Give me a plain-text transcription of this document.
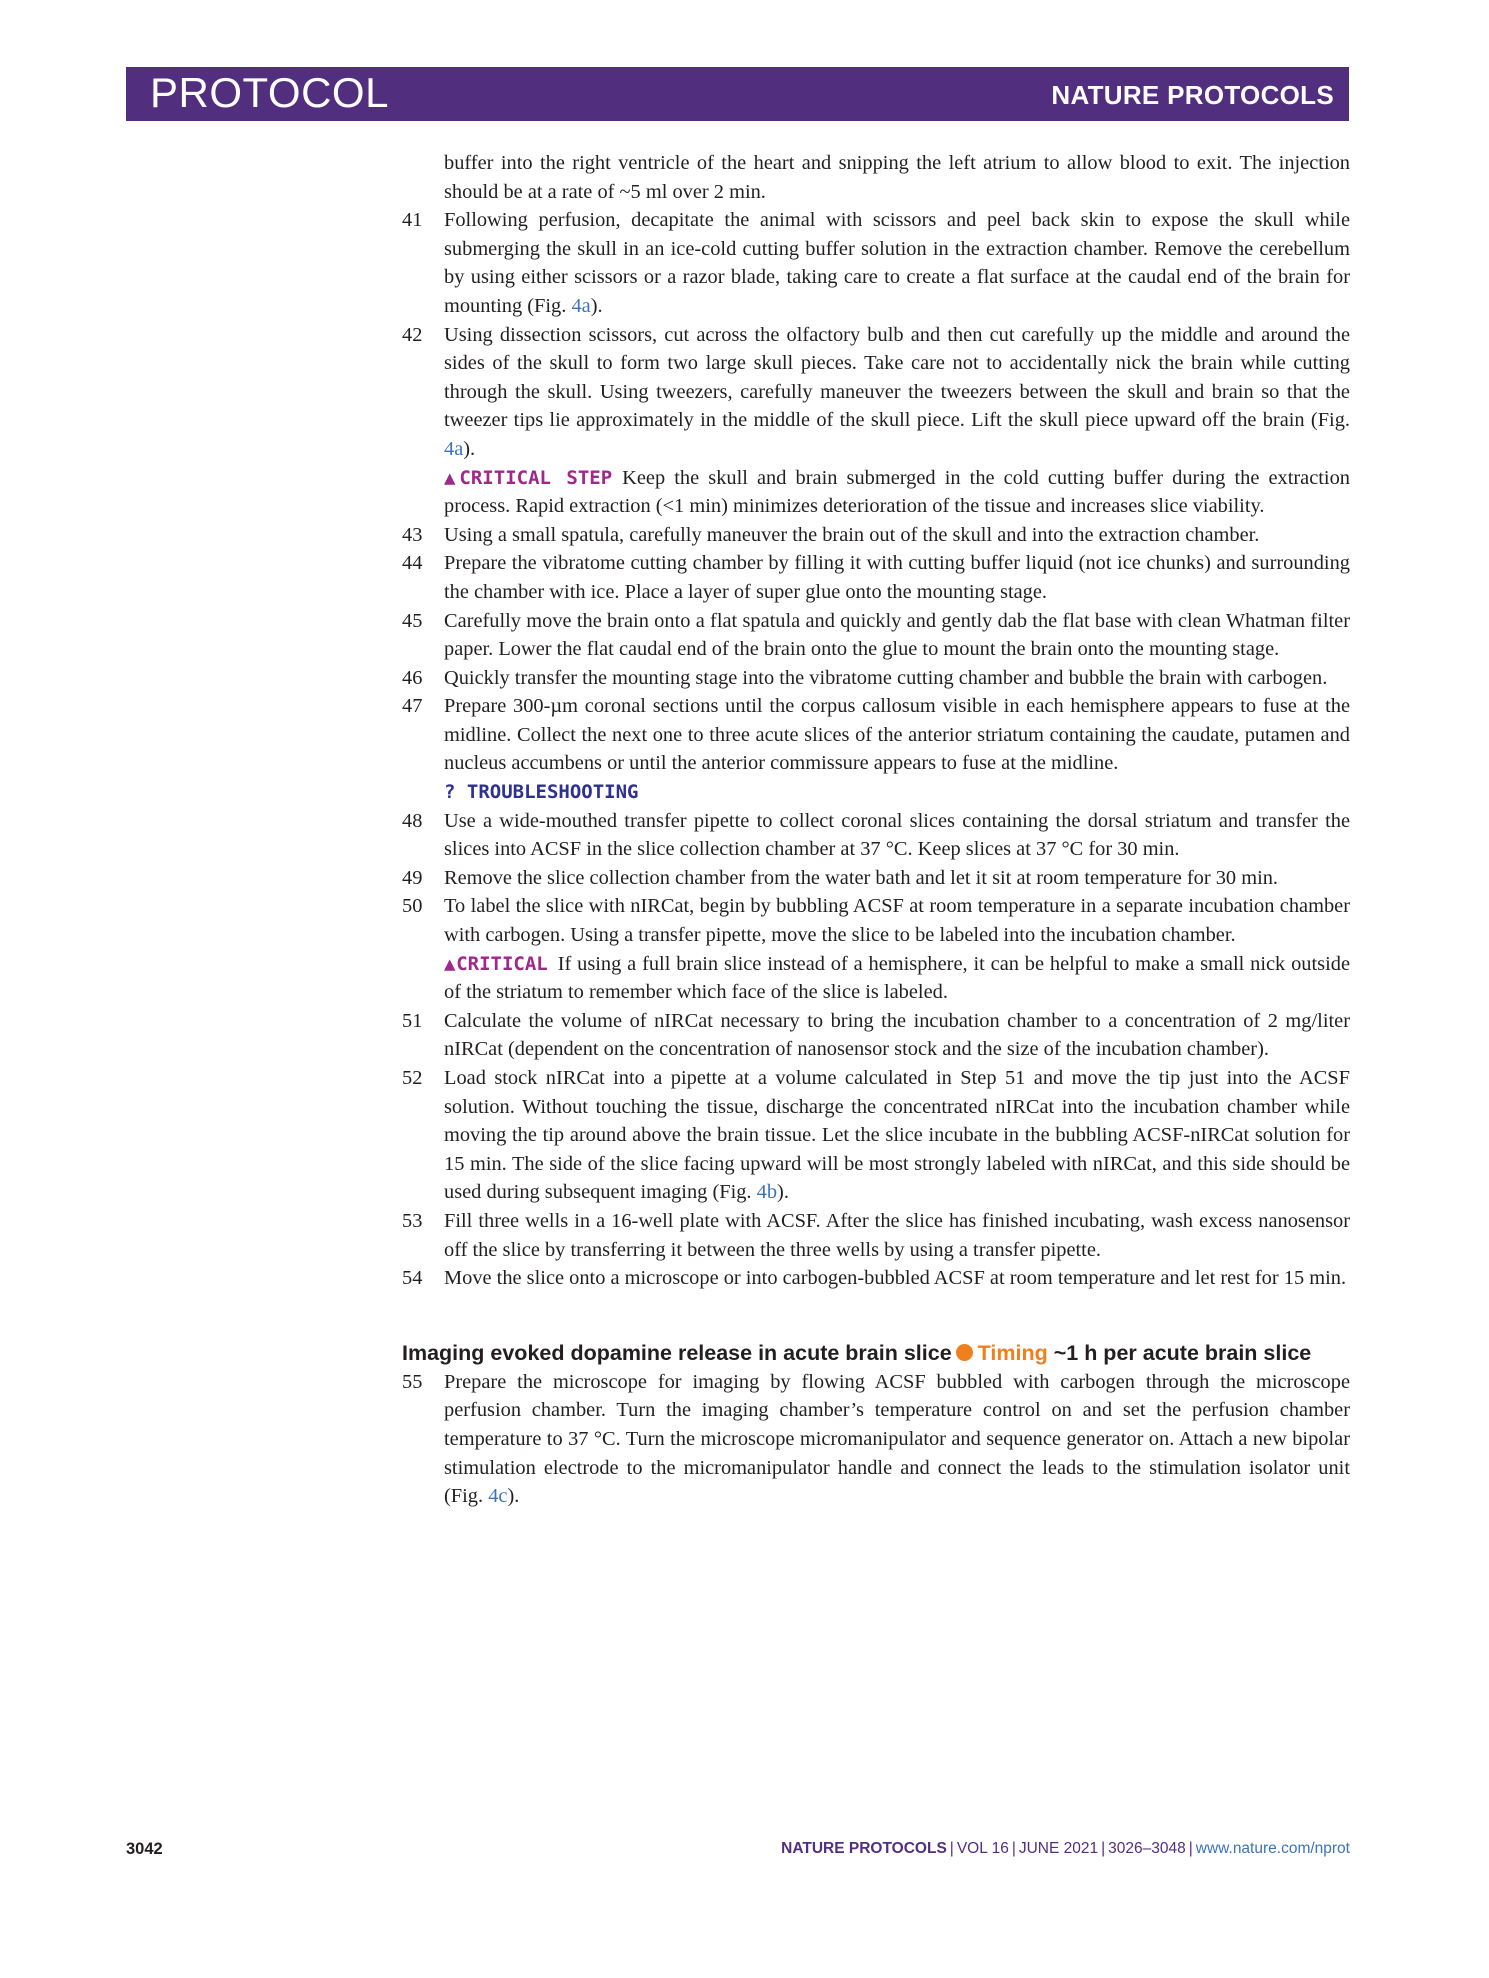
PROTOCOL	NATURE PROTOCOLS

buffer into the right ventricle of the heart and snipping the left atrium to allow blood to exit. The injection should be at a rate of ~5 ml over 2 min.

41 Following perfusion, decapitate the animal with scissors and peel back skin to expose the skull while submerging the skull in an ice-cold cutting buffer solution in the extraction chamber. Remove the cerebellum by using either scissors or a razor blade, taking care to create a flat surface at the caudal end of the brain for mounting (Fig. 4a).

42 Using dissection scissors, cut across the olfactory bulb and then cut carefully up the middle and around the sides of the skull to form two large skull pieces. Take care not to accidentally nick the brain while cutting through the skull. Using tweezers, carefully maneuver the tweezers between the skull and brain so that the tweezer tips lie approximately in the middle of the skull piece. Lift the skull piece upward off the brain (Fig. 4a).

▲CRITICAL STEP Keep the skull and brain submerged in the cold cutting buffer during the extraction process. Rapid extraction (<1 min) minimizes deterioration of the tissue and increases slice viability.

43 Using a small spatula, carefully maneuver the brain out of the skull and into the extraction chamber.

44 Prepare the vibratome cutting chamber by filling it with cutting buffer liquid (not ice chunks) and surrounding the chamber with ice. Place a layer of super glue onto the mounting stage.

45 Carefully move the brain onto a flat spatula and quickly and gently dab the flat base with clean Whatman filter paper. Lower the flat caudal end of the brain onto the glue to mount the brain onto the mounting stage.

46 Quickly transfer the mounting stage into the vibratome cutting chamber and bubble the brain with carbogen.

47 Prepare 300-µm coronal sections until the corpus callosum visible in each hemisphere appears to fuse at the midline. Collect the next one to three acute slices of the anterior striatum containing the caudate, putamen and nucleus accumbens or until the anterior commissure appears to fuse at the midline.

? TROUBLESHOOTING

48 Use a wide-mouthed transfer pipette to collect coronal slices containing the dorsal striatum and transfer the slices into ACSF in the slice collection chamber at 37 °C. Keep slices at 37 °C for 30 min.

49 Remove the slice collection chamber from the water bath and let it sit at room temperature for 30 min.

50 To label the slice with nIRCat, begin by bubbling ACSF at room temperature in a separate incubation chamber with carbogen. Using a transfer pipette, move the slice to be labeled into the incubation chamber.

▲CRITICAL If using a full brain slice instead of a hemisphere, it can be helpful to make a small nick outside of the striatum to remember which face of the slice is labeled.

51 Calculate the volume of nIRCat necessary to bring the incubation chamber to a concentration of 2 mg/liter nIRCat (dependent on the concentration of nanosensor stock and the size of the incubation chamber).

52 Load stock nIRCat into a pipette at a volume calculated in Step 51 and move the tip just into the ACSF solution. Without touching the tissue, discharge the concentrated nIRCat into the incubation chamber while moving the tip around above the brain tissue. Let the slice incubate in the bubbling ACSF-nIRCat solution for 15 min. The side of the slice facing upward will be most strongly labeled with nIRCat, and this side should be used during subsequent imaging (Fig. 4b).

53 Fill three wells in a 16-well plate with ACSF. After the slice has finished incubating, wash excess nanosensor off the slice by transferring it between the three wells by using a transfer pipette.

54 Move the slice onto a microscope or into carbogen-bubbled ACSF at room temperature and let rest for 15 min.

Imaging evoked dopamine release in acute brain slice Timing ~1 h per acute brain slice
55 Prepare the microscope for imaging by flowing ACSF bubbled with carbogen through the microscope perfusion chamber. Turn the imaging chamber’s temperature control on and set the perfusion chamber temperature to 37 °C. Turn the microscope micromanipulator and sequence generator on. Attach a new bipolar stimulation electrode to the micromanipulator handle and connect the leads to the stimulation isolator unit (Fig. 4c).

3042	NATURE PROTOCOLS | VOL 16 | JUNE 2021 | 3026–3048 | www.nature.com/nprot
